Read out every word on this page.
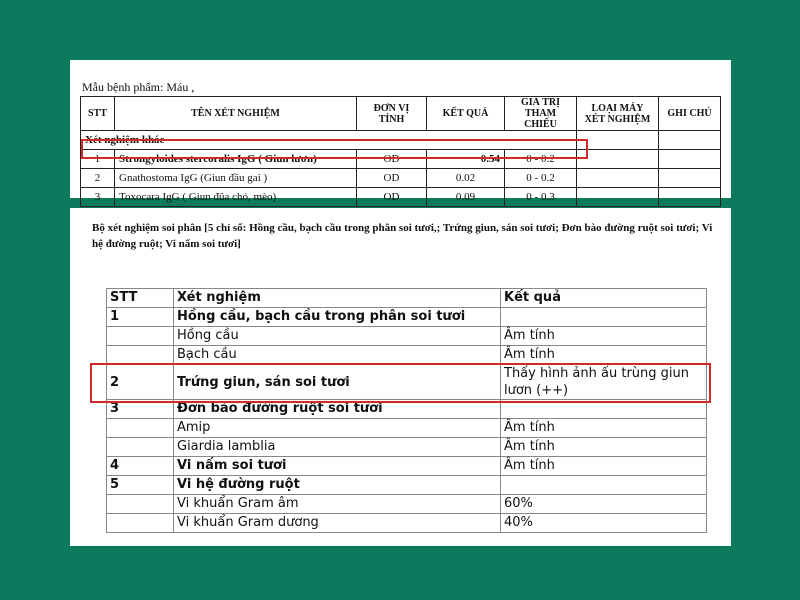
Mẫu bệnh phẩm: Máu ,
STT	TÊN XÉT NGHIỆM	ĐƠN VỊ TÍNH	KẾT QUẢ	GIÁ TRỊ THAM CHIẾU	LOẠI MÁY XÉT NGHIỆM	GHI CHÚ
Xét nghiệm khác						
1	Strongyloides stercoralis IgG ( Giun lươn)	OD	0.54	0 - 0.2		
2	Gnathostoma IgG (Giun đầu gai )	OD	0.02	0 - 0.2		
3	Toxocara IgG ( Giun đũa chó, mèo)	OD	0.09	0 - 0.3		
Bộ xét nghiệm soi phân [5 chỉ số: Hồng cầu, bạch cầu trong phân soi tươi,; Trứng giun, sán soi tươi; Đơn bào đường ruột soi tươi; Vi hệ đường ruột; Vi nấm soi tươi]
STT	Xét nghiệm	Kết quả
1	Hồng cầu, bạch cầu trong phân soi tươi	
	Hồng cầu	Âm tính
	Bạch cầu	Âm tính
2	Trứng giun, sán soi tươi	Thấy hình ảnh ấu trùng giun lươn (++)
3	Đơn bào đường ruột soi tươi	
	Amip	Âm tính
	Giardia lamblia	Âm tính
4	Vi nấm soi tươi	Âm tính
5	Vi hệ đường ruột	
	Vi khuẩn Gram âm	60%
	Vi khuẩn Gram dương	40%
